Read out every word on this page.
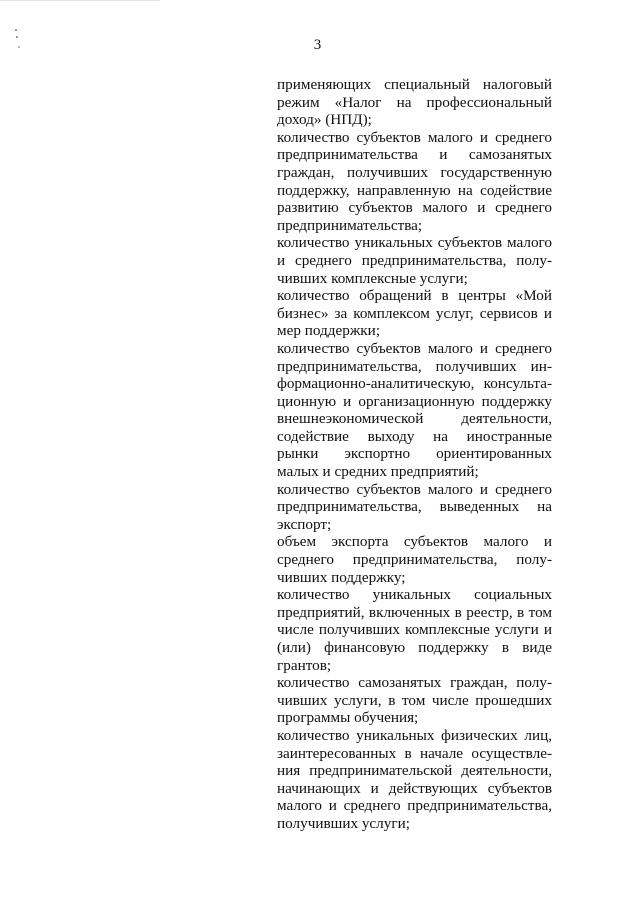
3

применяющих специальный налоговый режим «Налог на профессиональный доход» (НПД);

количество субъектов малого и среднего предпринимательства и самозанятых граждан, получивших государственную поддержку, направленную на содействие развитию субъектов малого и среднего предпринимательства;

количество уникальных субъектов малого и среднего предпринимательства, получивших комплексные услуги;

количество обращений в центры «Мой бизнес» за комплексом услуг, сервисов и мер поддержки;

количество субъектов малого и среднего предпринимательства, получивших информационно-аналитическую, консультационную и организационную поддержку внешнеэкономической деятельности, содействие выходу на иностранные рынки экспортно ориентированных малых и средних предприятий;

количество субъектов малого и среднего предпринимательства, выведенных на экспорт;

объем экспорта субъектов малого и среднего предпринимательства, получивших поддержку;

количество уникальных социальных предприятий, включенных в реестр, в том числе получивших комплексные услуги и (или) финансовую поддержку в виде грантов;

количество самозанятых граждан, получивших услуги, в том числе прошедших программы обучения;

количество уникальных физических лиц, заинтересованных в начале осуществления предпринимательской деятельности, начинающих и действующих субъектов малого и среднего предпринимательства, получивших услуги;
